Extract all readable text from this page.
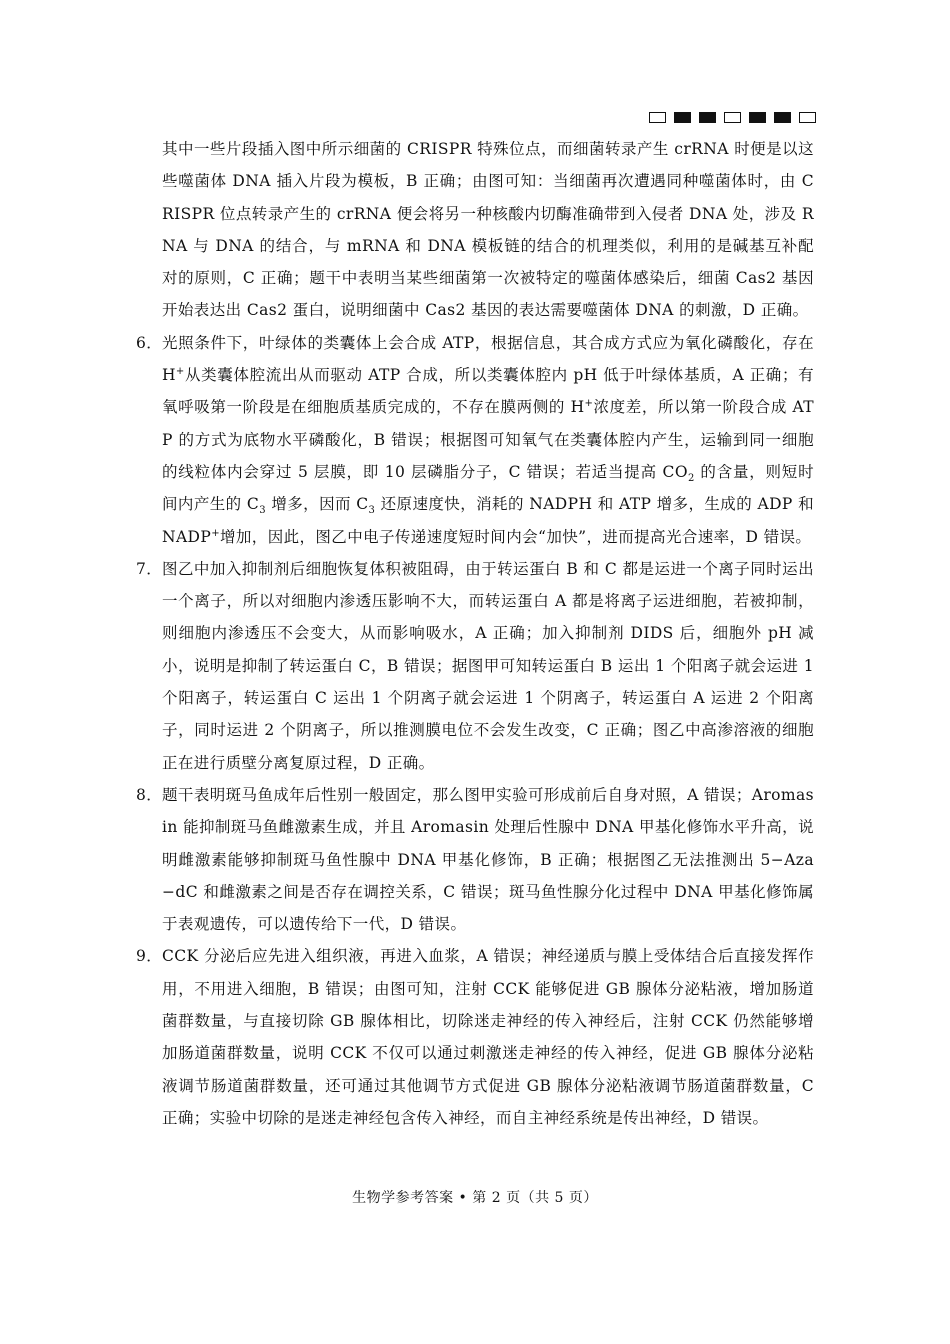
其中一些片段插入图中所示细菌的 CRISPR 特殊位点，而细菌转录产生 crRNA 时便是以这些噬菌体 DNA 插入片段为模板，B 正确；由图可知：当细菌再次遭遇同种噬菌体时，由 CRISPR 位点转录产生的 crRNA 便会将另一种核酸内切酶准确带到入侵者 DNA 处，涉及 RNA 与 DNA 的结合，与 mRNA 和 DNA 模板链的结合的机理类似，利用的是碱基互补配对的原则，C 正确；题干中表明当某些细菌第一次被特定的噬菌体感染后，细菌 Cas2 基因开始表达出 Cas2 蛋白，说明细菌中 Cas2 基因的表达需要噬菌体 DNA 的刺激，D 正确。
6． 光照条件下，叶绿体的类囊体上会合成 ATP，根据信息，其合成方式应为氧化磷酸化，存在 H+从类囊体腔流出从而驱动 ATP 合成，所以类囊体腔内 pH 低于叶绿体基质，A 正确；有氧呼吸第一阶段是在细胞质基质完成的，不存在膜两侧的 H+浓度差，所以第一阶段合成 ATP 的方式为底物水平磷酸化，B 错误；根据图可知氧气在类囊体腔内产生，运输到同一细胞的线粒体内会穿过 5 层膜，即 10 层磷脂分子，C 错误；若适当提高 $CO_2$ 的含量，则短时间内产生的 $C_3$ 增多，因而 $C_3$ 还原速度快，消耗的 NADPH 和 ATP 增多，生成的 ADP 和 NADP+增加，因此，图乙中电子传递速度短时间内会“加快”，进而提高光合速率，D 错误。
7． 图乙中加入抑制剂后细胞恢复体积被阻碍，由于转运蛋白 B 和 C 都是运进一个离子同时运出一个离子，所以对细胞内渗透压影响不大，而转运蛋白 A 都是将离子运进细胞，若被抑制，则细胞内渗透压不会变大，从而影响吸水，A 正确；加入抑制剂 DIDS 后，细胞外 pH 减小，说明是抑制了转运蛋白 C，B 错误；据图甲可知转运蛋白 B 运出 1 个阳离子就会运进 1 个阳离子，转运蛋白 C 运出 1 个阴离子就会运进 1 个阴离子，转运蛋白 A 运进 2 个阳离子，同时运进 2 个阴离子，所以推测膜电位不会发生改变，C 正确；图乙中高渗溶液的细胞正在进行质壁分离复原过程，D 正确。
8． 题干表明斑马鱼成年后性别一般固定，那么图甲实验可形成前后自身对照，A 错误；Aromasin 能抑制斑马鱼雌激素生成，并且 Aromasin 处理后性腺中 DNA 甲基化修饰水平升高，说明雌激素能够抑制斑马鱼性腺中 DNA 甲基化修饰，B 正确；根据图乙无法推测出 5−Aza−dC 和雌激素之间是否存在调控关系，C 错误；斑马鱼性腺分化过程中 DNA 甲基化修饰属于表观遗传，可以遗传给下一代，D 错误。
9． CCK 分泌后应先进入组织液，再进入血浆，A 错误；神经递质与膜上受体结合后直接发挥作用，不用进入细胞，B 错误；由图可知，注射 CCK 能够促进 GB 腺体分泌粘液，增加肠道菌群数量，与直接切除 GB 腺体相比，切除迷走神经的传入神经后，注射 CCK 仍然能够增加肠道菌群数量，说明 CCK 不仅可以通过刺激迷走神经的传入神经，促进 GB 腺体分泌粘液调节肠道菌群数量，还可通过其他调节方式促进 GB 腺体分泌粘液调节肠道菌群数量，C 正确；实验中切除的是迷走神经包含传入神经，而自主神经系统是传出神经，D 错误。
生物学参考答案 • 第 2 页（共 5 页）
